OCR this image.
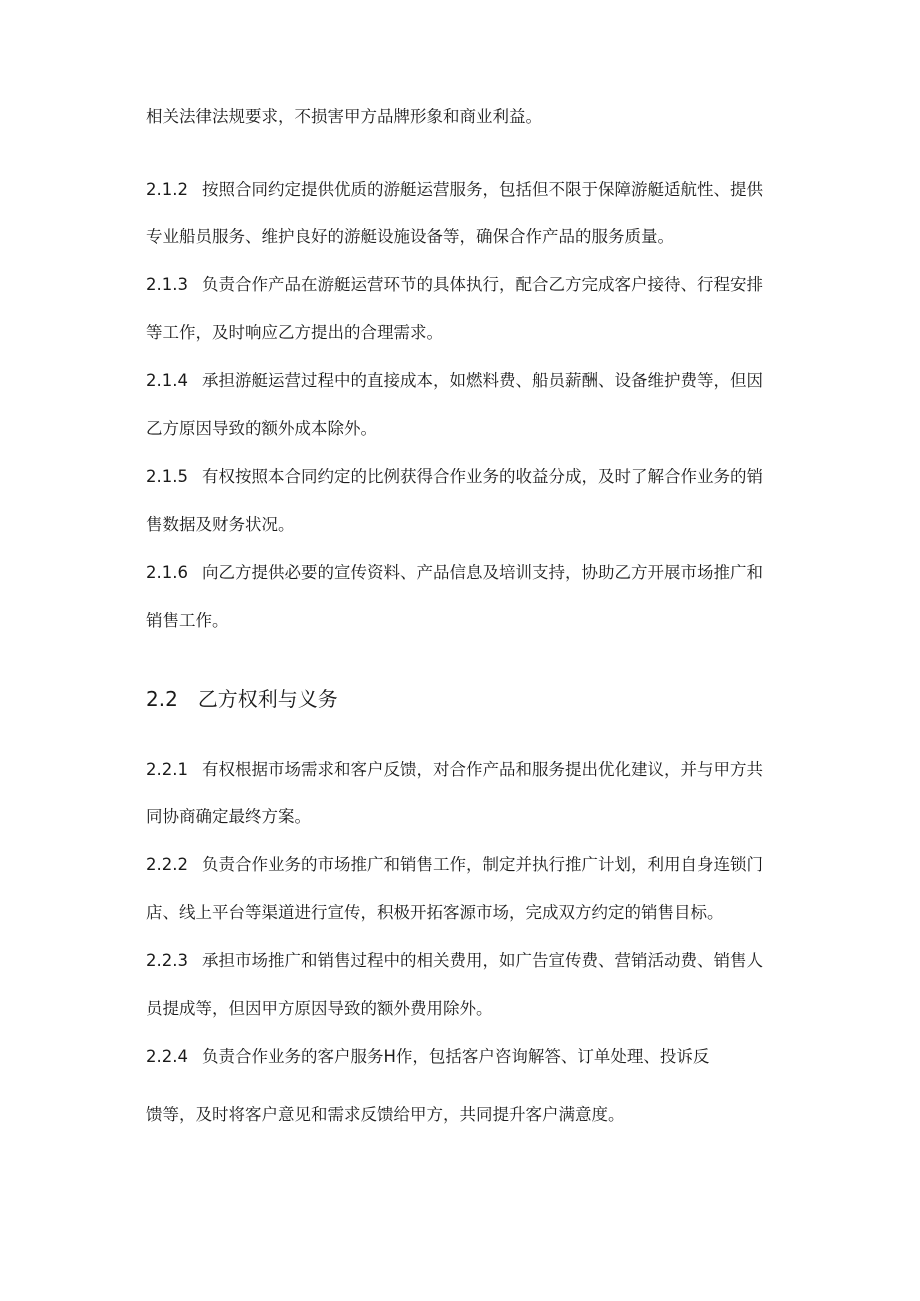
相关法律法规要求，不损害甲方品牌形象和商业利益。
2.1.2 按照合同约定提供优质的游艇运营服务，包括但不限于保障游艇适航性、提供
专业船员服务、维护良好的游艇设施设备等，确保合作产品的服务质量。
2.1.3 负责合作产品在游艇运营环节的具体执行，配合乙方完成客户接待、行程安排
等工作，及时响应乙方提出的合理需求。
2.1.4 承担游艇运营过程中的直接成本，如燃料费、船员薪酬、设备维护费等，但因
乙方原因导致的额外成本除外。
2.1.5 有权按照本合同约定的比例获得合作业务的收益分成，及时了解合作业务的销
售数据及财务状况。
2.1.6 向乙方提供必要的宣传资料、产品信息及培训支持，协助乙方开展市场推广和
销售工作。
2.2 乙方权利与义务
2.2.1 有权根据市场需求和客户反馈，对合作产品和服务提出优化建议，并与甲方共
同协商确定最终方案。
2.2.2 负责合作业务的市场推广和销售工作，制定并执行推广计划，利用自身连锁门
店、线上平台等渠道进行宣传，积极开拓客源市场，完成双方约定的销售目标。
2.2.3 承担市场推广和销售过程中的相关费用，如广告宣传费、营销活动费、销售人
员提成等，但因甲方原因导致的额外费用除外。
2.2.4 负责合作业务的客户服务H作，包括客户咨询解答、订单处理、投诉反
馈等，及时将客户意见和需求反馈给甲方，共同提升客户满意度。
